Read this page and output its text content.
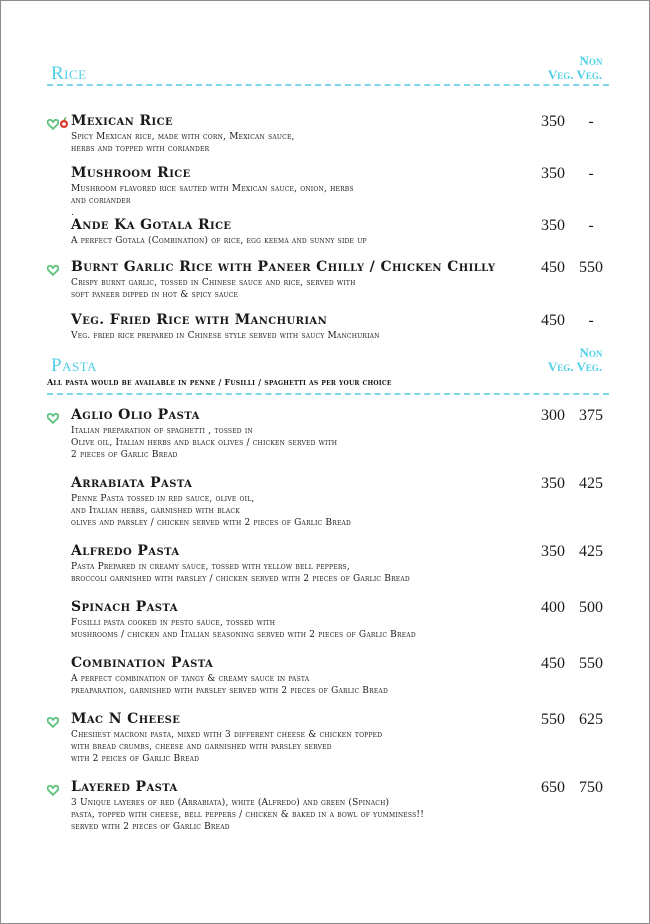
Rice
Non
Veg. Veg.
Mexican Rice
Spicy Mexican rice, made with corn, Mexican sauce,
herbs and topped with coriander
350	-
Mushroom Rice
Mushroom flavored rice sauted with Mexican sauce, onion, herbs
and coriander
.
350	-
Ande Ka Gotala Rice
A perfect Gotala (Combination) of rice, egg keema and sunny side up
350	-
Burnt Garlic Rice with Paneer Chilly / Chicken Chilly
Crispy burnt garlic, tossed in Chinese sauce and rice, served with
soft paneer dipped in hot & spicy sauce
450 550
Veg. Fried Rice with Manchurian
Veg. fried rice prepared in Chinese style served with saucy Manchurian
450	-
Pasta
Non
Veg. Veg.
All pasta would be available in penne / Fusilli / spaghetti as per your choice
Aglio Olio Pasta
Italian preparation of spaghetti , tossed in
Olive oil, Italian herbs and black olives / chicken served with
2 pieces of Garlic Bread
300 375
Arrabiata Pasta
Penne Pasta tossed in red sauce, olive oil,
and Italian herbs, garnished with black
olives and parsley / chicken served with 2 pieces of Garlic Bread
350 425
Alfredo Pasta
Pasta Prepared in creamy sauce, tossed with yellow bell peppers,
broccoli garnished with parsley / chicken served with 2 pieces of Garlic Bread
350 425
Spinach Pasta
Fusilli pasta cooked in pesto sauce, tossed with
mushrooms / chicken and Italian seasoning served with 2 pieces of Garlic Bread
400 500
Combination Pasta
A perfect combination of tangy & creamy sauce in pasta
preaparation, garnished with parsley served with 2 pieces of Garlic Bread
450 550
Mac N Cheese
Chesiiest macroni pasta, mixed with 3 different cheese & chicken topped
with bread crumbs, cheese and garnished with parsley served
with 2 peices of Garlic Bread
550 625
Layered Pasta
3 Unique layeres of red (Arrabiata), white (Alfredo) and green (Spinach)
pasta, topped with cheese, bell peppers / chicken & baked in a bowl of yumminess!!
served with 2 pieces of Garlic Bread
650 750
